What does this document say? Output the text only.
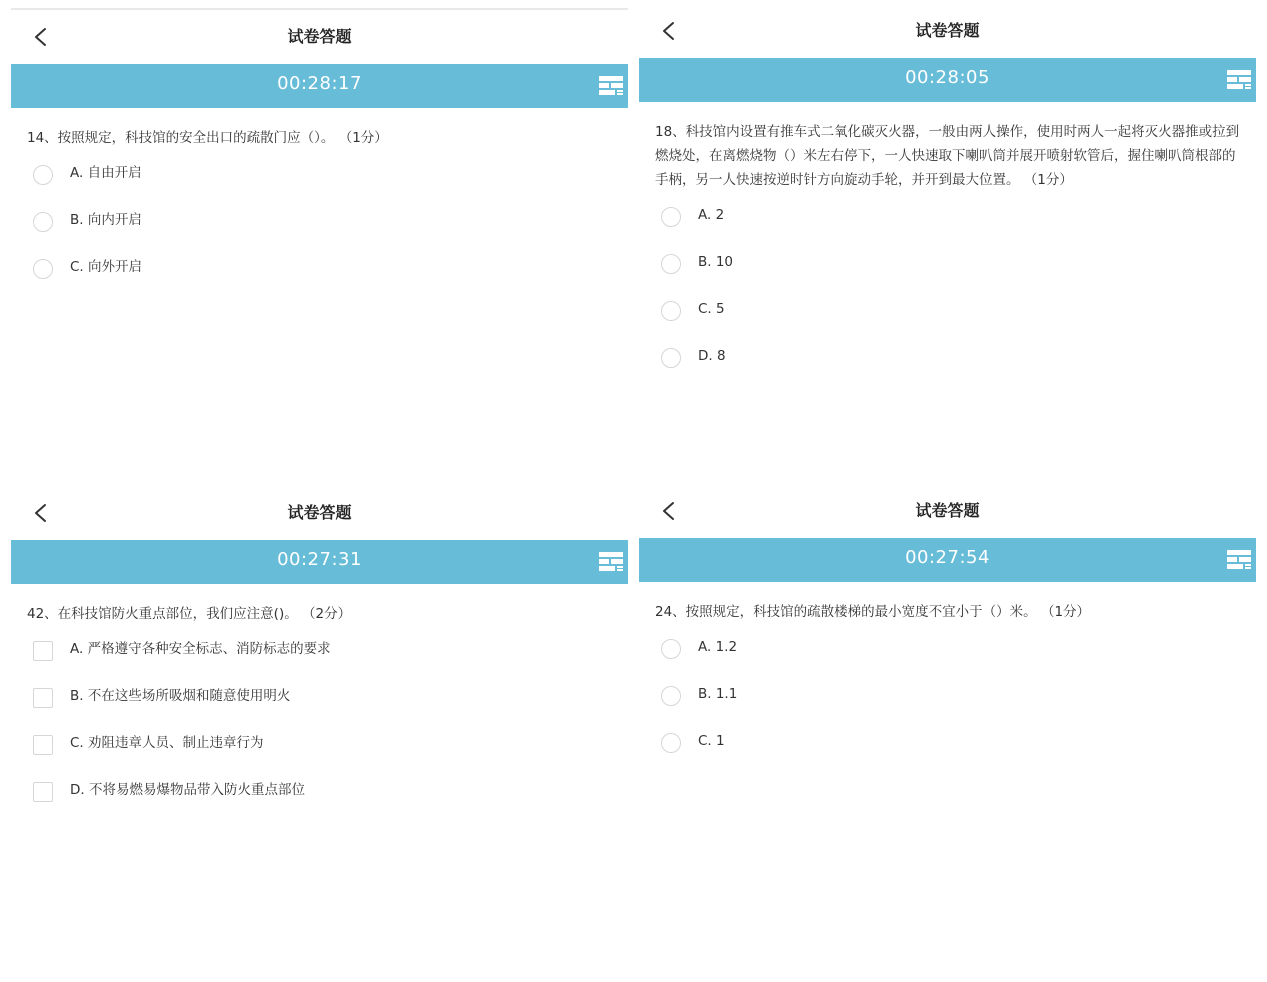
试卷答题
00:28:17
14、按照规定，科技馆的安全出口的疏散门应（）。 （1分）
A. 自由开启
B. 向内开启
C. 向外开启
试卷答题
00:28:05
18、科技馆内设置有推车式二氧化碳灭火器，一般由两人操作，使用时两人一起将灭火器推或拉到燃烧处，在离燃烧物（）米左右停下，一人快速取下喇叭筒并展开喷射软管后，握住喇叭筒根部的手柄，另一人快速按逆时针方向旋动手轮，并开到最大位置。 （1分）
A. 2
B. 10
C. 5
D. 8
试卷答题
00:27:31
42、在科技馆防火重点部位，我们应注意()。 （2分）
A. 严格遵守各种安全标志、消防标志的要求
B. 不在这些场所吸烟和随意使用明火
C. 劝阻违章人员、制止违章行为
D. 不将易燃易爆物品带入防火重点部位
试卷答题
00:27:54
24、按照规定，科技馆的疏散楼梯的最小宽度不宜小于（）米。 （1分）
A. 1.2
B. 1.1
C. 1
